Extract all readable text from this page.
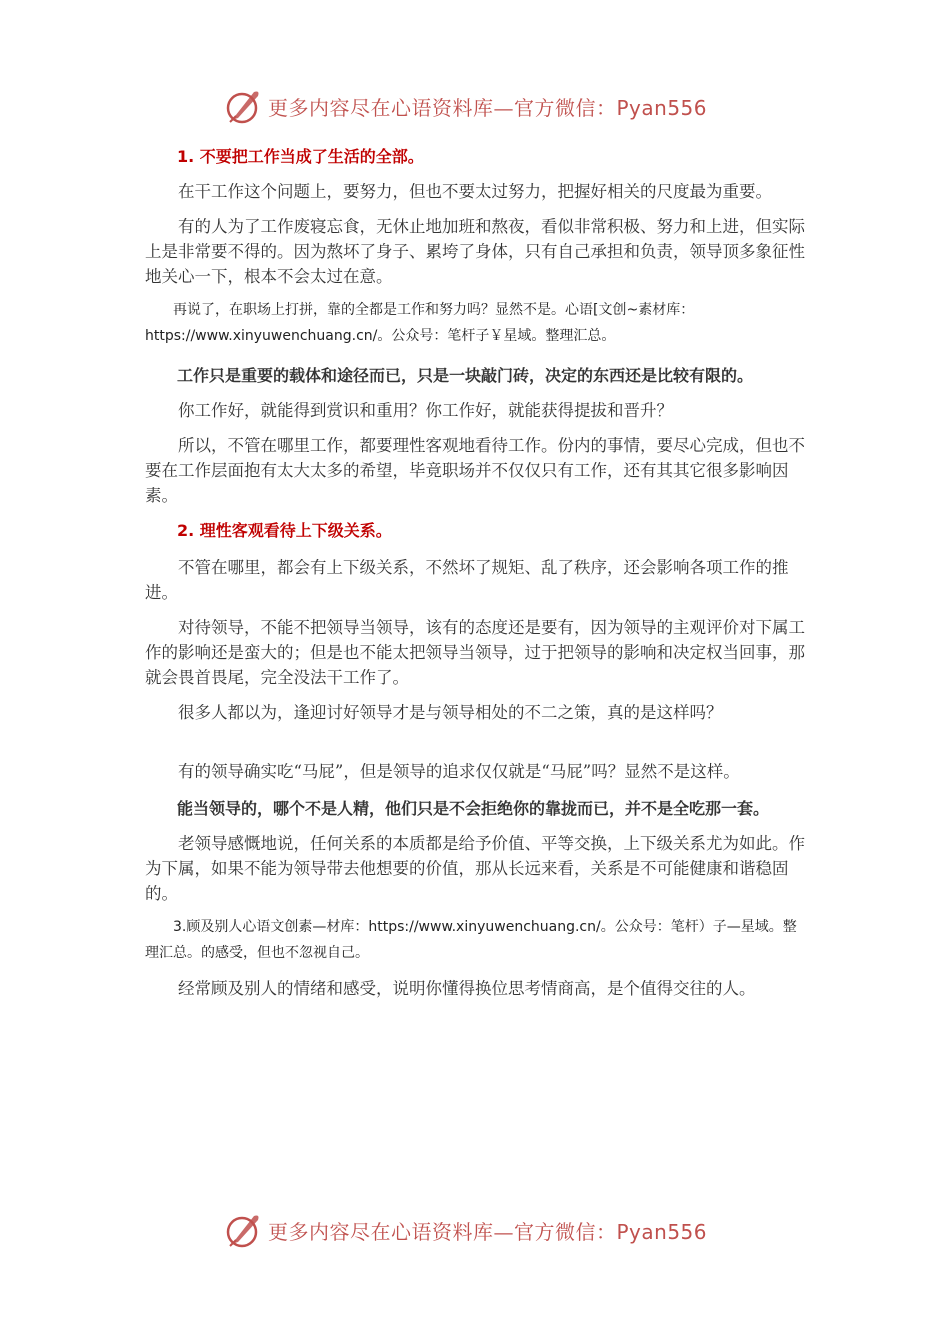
更多内容尽在心语资料库—官方微信：Pyan556

1. 不要把工作当成了生活的全部。

在干工作这个问题上，要努力，但也不要太过努力，把握好相关的尺度最为重要。

有的人为了工作废寝忘食，无休止地加班和熬夜，看似非常积极、努力和上进，但实际上是非常要不得的。因为熬坏了身子、累垮了身体，只有自己承担和负责，领导顶多象征性地关心一下，根本不会太过在意。

再说了，在职场上打拼，靠的全都是工作和努力吗？显然不是。心语[文创~素材库：https://www.xinyuwenchuang.cn/。公众号：笔杆子￥星域。整理汇总。

工作只是重要的载体和途径而已，只是一块敲门砖，决定的东西还是比较有限的。

你工作好，就能得到赏识和重用？你工作好，就能获得提拔和晋升？

所以，不管在哪里工作，都要理性客观地看待工作。份内的事情，要尽心完成，但也不要在工作层面抱有太大太多的希望，毕竟职场并不仅仅只有工作，还有其其它很多影响因素。

2. 理性客观看待上下级关系。

不管在哪里，都会有上下级关系，不然坏了规矩、乱了秩序，还会影响各项工作的推进。

对待领导，不能不把领导当领导，该有的态度还是要有，因为领导的主观评价对下属工作的影响还是蛮大的；但是也不能太把领导当领导，过于把领导的影响和决定权当回事，那就会畏首畏尾，完全没法干工作了。

很多人都以为，逢迎讨好领导才是与领导相处的不二之策，真的是这样吗？

有的领导确实吃“马屁”，但是领导的追求仅仅就是“马屁”吗？显然不是这样。

能当领导的，哪个不是人精，他们只是不会拒绝你的靠拢而已，并不是全吃那一套。

老领导感慨地说，任何关系的本质都是给予价值、平等交换，上下级关系尤为如此。作为下属，如果不能为领导带去他想要的价值，那从长远来看，关系是不可能健康和谐稳固的。

3.顾及别人心语文创素—材库：https://www.xinyuwenchuang.cn/。公众号：笔杆）子—星域。整理汇总。的感受，但也不忽视自己。

经常顾及别人的情绪和感受，说明你懂得换位思考情商高，是个值得交往的人。

更多内容尽在心语资料库—官方微信：Pyan556
